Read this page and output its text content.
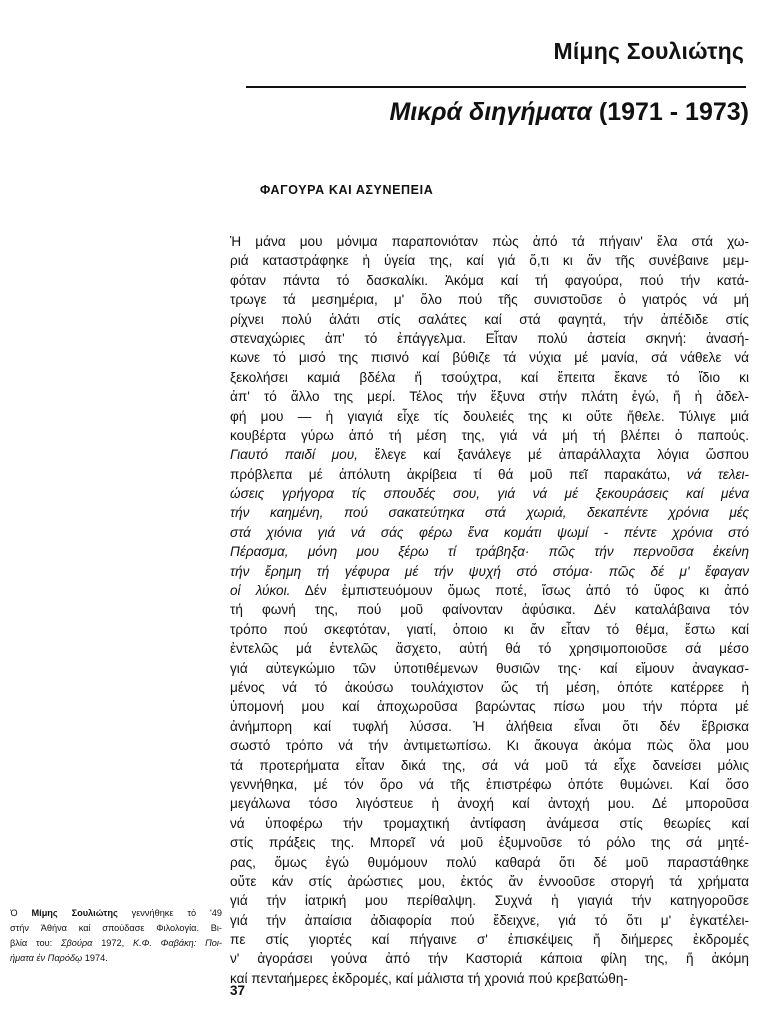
Μίμης Σουλιώτης
Μικρά διηγήματα (1971 - 1973)
ΦΑΓΟΥΡΑ ΚΑΙ ΑΣΥΝΕΠΕΙΑ
Ἡ μάνα μου μόνιμα παραπονιόταν πὼς ἀπό τά πήγαιν' ἔλα στά χω-
ριά καταστράφηκε ἡ ὑγεία της, καί γιά ὅ,τι κι ἄν τῆς συνέβαινε μεμ-
φόταν πάντα τό δασκαλίκι. Ἀκόμα καί τή φαγούρα, πού τήν κατά-
τρωγε τά μεσημέρια, μ' ὅλο πού τῆς συνιστοῦσε ὁ γιατρός νά μή
ρίχνει πολύ ἁλάτι στίς σαλάτες καί στά φαγητά, τήν ἀπέδιδε στίς
στεναχώριες ἀπ' τό ἐπάγγελμα. Εἶταν πολύ ἀστεία σκηνή: ἀνασή-
κωνε τό μισό της πισινό καί βύθιζε τά νύχια μέ μανία, σά νάθελε νά
ξεκολήσει καμιά βδέλα ἤ τσούχτρα, καί ἔπειτα ἔκανε τό ἴδιο κι
ἀπ' τό ἄλλο της μερί. Τέλος τήν ἔξυνα στήν πλάτη ἐγώ, ἤ ἡ ἀδελ-
φή μου — ἡ γιαγιά εἶχε τίς δουλειές της κι οὔτε ἤθελε. Τύλιγε μιά
κουβέρτα γύρω ἀπό τή μέση της, γιά νά μή τή βλέπει ὁ παπούς.
Γιαυτό παιδί μου, ἔλεγε καί ξανάλεγε μέ ἀπαράλλαχτα λόγια ὥσπου
πρόβλεπα μέ ἀπόλυτη ἀκρίβεια τί θά μοῦ πεῖ παρακάτω, νά τελει-
ώσεις γρήγορα τίς σπουδές σου, γιά νά μέ ξεκουράσεις καί μένα
τήν καημένη, πού σακατεύτηκα στά χωριά, δεκαπέντε χρόνια μές
στά χιόνια γιά νά σάς φέρω ἕνα κομάτι ψωμί - πέντε χρόνια στό
Πέρασμα, μόνη μου ξέρω τί τράβηξα· πῶς τήν περνοῦσα ἐκείνη
τήν ἔρημη τή γέφυρα μέ τήν ψυχή στό στόμα· πῶς δέ μ' ἔφαγαν
οἱ λύκοι. Δέν ἐμπιστευόμουν ὅμως ποτέ, ἴσως ἀπό τό ὕφος κι ἀπό
τή φωνή της, πού μοῦ φαίνονταν ἀφύσικα. Δέν καταλάβαινα τόν
τρόπο πού σκεφτόταν, γιατί, ὁποιο κι ἄν εἶταν τό θέμα, ἔστω καί
ἐντελῶς μά ἐντελῶς ἄσχετο, αὐτή θά τό χρησιμοποιοῦσε σά μέσο
γιά αὐτεγκώμιο τῶν ὑποτιθέμενων θυσιῶν της· καί εἴμουν ἀναγκασ-
μένος νά τό ἀκούσω τουλάχιστον ὥς τή μέση, ὁπότε κατέρρεε ἡ
ὑπομονή μου καί ἀποχωροῦσα βαρώντας πίσω μου τήν πόρτα μέ
ἀνήμπορη καί τυφλή λύσσα. Ἡ ἀλήθεια εἶναι ὅτι δέν ἔβρισκα
σωστό τρόπο νά τήν ἀντιμετωπίσω. Κι ἄκουγα ἀκόμα πὼς ὅλα μου
τά προτερήματα εἶταν δικά της, σά νά μοῦ τά εἶχε δανείσει μόλις
γεννήθηκα, μέ τόν ὅρο νά τῆς ἐπιστρέφω ὁπότε θυμώνει. Καί ὅσο
μεγάλωνα τόσο λιγόστευε ἡ ἀνοχή καί ἀντοχή μου. Δέ μποροῦσα
νά ὑποφέρω τήν τρομαχτική ἀντίφαση ἀνάμεσα στίς θεωρίες καί
στίς πράξεις της. Μπορεῖ νά μοῦ ἐξυμνοῦσε τό ρόλο της σά μητέ-
ρας, ὅμως ἐγώ θυμόμουν πολύ καθαρά ὅτι δέ μοῦ παραστάθηκε
οὔτε κάν στίς ἀρώστιες μου, ἐκτός ἄν ἐννοοῦσε στοργή τά χρήματα
γιά τήν ἰατρική μου περίθαλψη. Συχνά ἡ γιαγιά τήν κατηγοροῦσε
γιά τήν ἀπαίσια ἀδιαφορία πού ἔδειχνε, γιά τό ὅτι μ' ἐγκατέλει-
πε στίς γιορτές καί πήγαινε σ' ἐπισκέψεις ἤ διήμερες ἐκδρομές
ν' ἀγοράσει γούνα ἀπό τήν Καστοριά κάποια φίλη της, ἤ ἀκόμη
καί πενταήμερες ἐκδρομές, καί μάλιστα τή χρονιά πού κρεβατώθη-
Ὁ Μίμης Σουλιώτης γεννήθηκε τό '49
στήν Ἀθήνα καί σπούδασε Φιλολογία. Βι-
βλία του: Σβούρα 1972, Κ.Φ. Φαβάκη: Ποι-
ήματα ἐν Παρόδῳ 1974.
37
